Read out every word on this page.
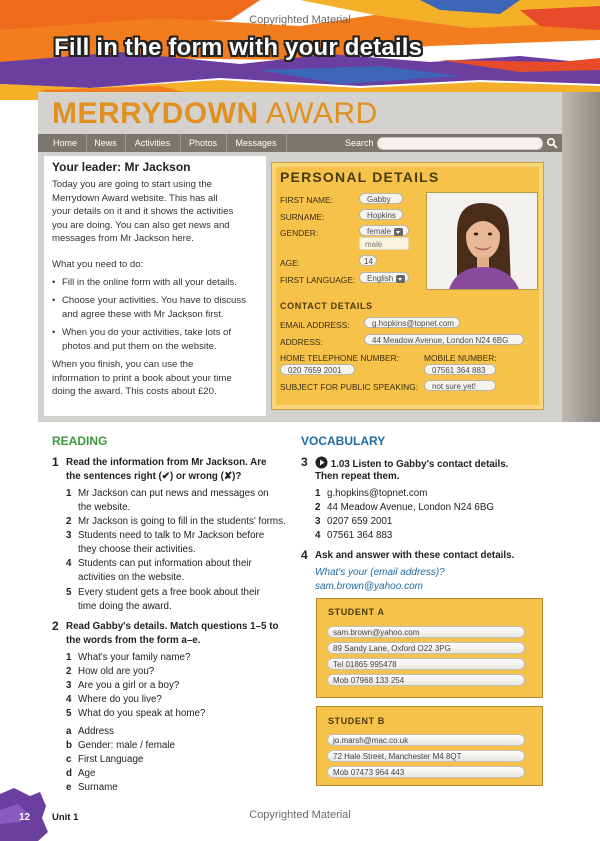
Copyrighted Material
Fill in the form with your details
MERRYDOWN AWARD
Home	News	Activities	Photos	Messages	Search
Your leader: Mr Jackson
Today you are going to start using the
Merrydown Award website. This has all
your details on it and it shows the activities
you are doing. You can also get news and
messages from Mr Jackson here.
What you need to do:
• Fill in the online form with all your details.
• Choose your activities. You have to discuss
and agree these with Mr Jackson first.
• When you do your activities, take lots of
photos and put them on the website.
When you finish, you can use the
information to print a book about your time
doing the award. This costs about £20.
PERSONAL DETAILS
FIRST NAME:	Gabby
SURNAME:	Hopkins
GENDER:	female
male
AGE:	14
FIRST LANGUAGE:	English
CONTACT DETAILS
EMAIL ADDRESS:	g.hopkins@topnet.com
ADDRESS:	44 Meadow Avenue, London N24 6BG
HOME TELEPHONE NUMBER:	MOBILE NUMBER:
020 7659 2001	07561 364 883
SUBJECT FOR PUBLIC SPEAKING:	not sure yet!
READING
1 Read the information from Mr Jackson. Are
the sentences right (✔) or wrong (✘)?
1 Mr Jackson can put news and messages on
the website.
2 Mr Jackson is going to fill in the students' forms.
3 Students need to talk to Mr Jackson before
they choose their activities.
4 Students can put information about their
activities on the website.
5 Every student gets a free book about their
time doing the award.
2 Read Gabby's details. Match questions 1–5 to
the words from the form a–e.
1 What's your family name?
2 How old are you?
3 Are you a girl or a boy?
4 Where do you live?
5 What do you speak at home?
a Address
b Gender: male / female
c First Language
d Age
e Surname
VOCABULARY
3	1.03 Listen to Gabby's contact details.
Then repeat them.
1 g.hopkins@topnet.com
2 44 Meadow Avenue, London N24 6BG
3 0207 659 2001
4 07561 364 883
4 Ask and answer with these contact details.
What's your (email address)?
sam.brown@yahoo.com
STUDENT A
sam.brown@yahoo.com
89 Sandy Lane, Oxford O22 3PG
Tel 01865 995478
Mob 07968 133 254
STUDENT B
jo.marsh@mac.co.uk
72 Hale Street, Manchester M4 8QT
Mob 07473 964 443
12 Unit 1	Copyrighted Material
